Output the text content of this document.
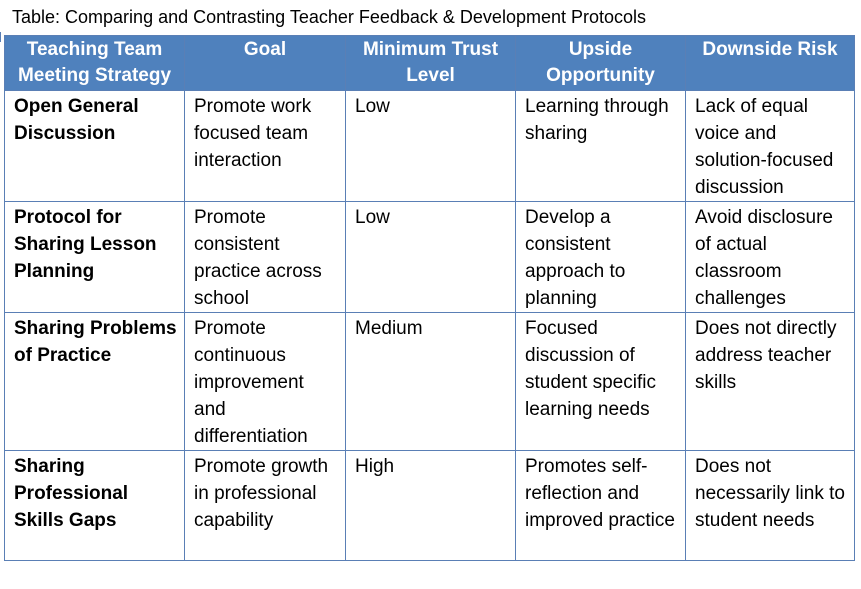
Table: Comparing and Contrasting Teacher Feedback & Development Protocols
Teaching Team Meeting Strategy	Goal	Minimum Trust Level	Upside Opportunity	Downside Risk
Open General Discussion	Promote work focused team interaction	Low	Learning through sharing	Lack of equal voice and solution-focused discussion
Protocol for Sharing Lesson Planning	Promote consistent practice across school	Low	Develop a consistent approach to planning	Avoid disclosure of actual classroom challenges
Sharing Problems of Practice	Promote continuous improvement and differentiation	Medium	Focused discussion of student specific learning needs	Does not directly address teacher skills
Sharing Professional Skills Gaps	Promote growth in professional capability	High	Promotes self-reflection and improved practice	Does not necessarily link to student needs
